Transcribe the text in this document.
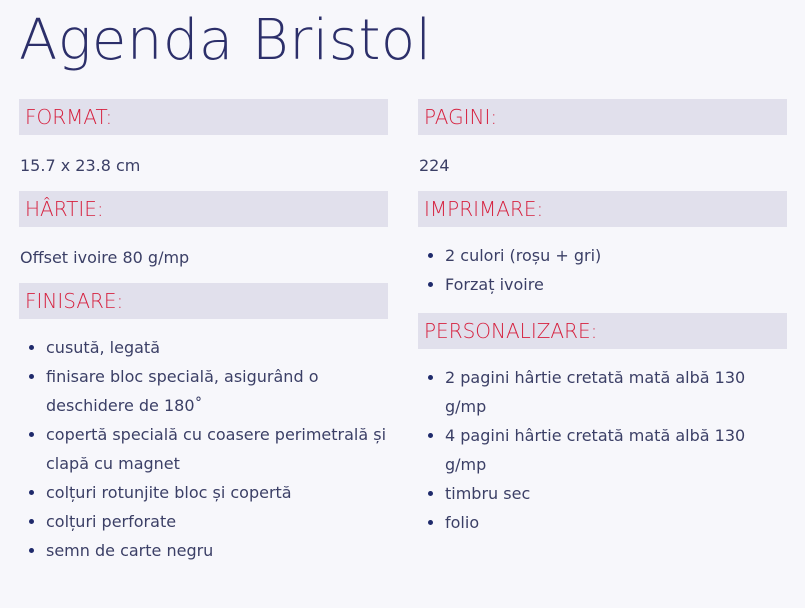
Agenda Bristol
FORMAT:
15.7 x 23.8 cm
HÂRTIE:
Offset ivoire 80 g/mp
FINISARE:
• cusută, legată
• finisare bloc specială, asigurând o deschidere de 180˚
• copertă specială cu coasere perimetrală și clapă cu magnet
• colțuri rotunjite bloc și copertă
• colțuri perforate
• semn de carte negru
PAGINI:
224
IMPRIMARE:
• 2 culori (roșu + gri)
• Forzaț ivoire
PERSONALIZARE:
• 2 pagini hârtie cretată mată albă 130 g/mp
• 4 pagini hârtie cretată mată albă 130 g/mp
• timbru sec
• folio
